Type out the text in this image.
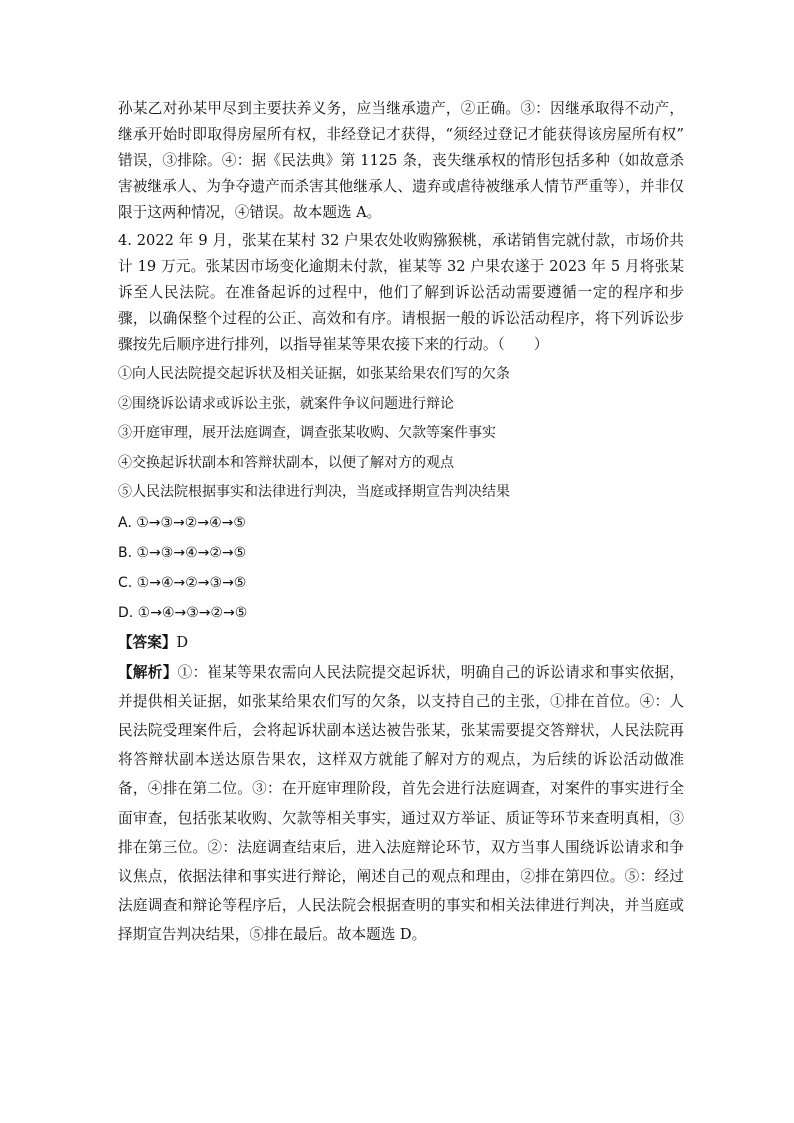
孙某乙对孙某甲尽到主要扶养义务，应当继承遗产，②正确。③：因继承取得不动产，继承开始时即取得房屋所有权，非经登记才获得，“须经过登记才能获得该房屋所有权” 错误，③排除。④：据《民法典》第 1125 条，丧失继承权的情形包括多种（如故意杀害被继承人、为争夺遗产而杀害其他继承人、遗弃或虐待被继承人情节严重等），并非仅限于这两种情况，④错误。故本题选 A。

4. 2022 年 9 月，张某在某村 32 户果农处收购猕猴桃，承诺销售完就付款，市场价共计 19 万元。张某因市场变化逾期未付款，崔某等 32 户果农遂于 2023 年 5 月将张某诉至人民法院。在准备起诉的过程中，他们了解到诉讼活动需要遵循一定的程序和步骤，以确保整个过程的公正、高效和有序。请根据一般的诉讼活动程序，将下列诉讼步骤按先后顺序进行排列，以指导崔某等果农接下来的行动。（　　）

①向人民法院提交起诉状及相关证据，如张某给果农们写的欠条

②围绕诉讼请求或诉讼主张，就案件争议问题进行辩论

③开庭审理，展开法庭调查，调查张某收购、欠款等案件事实

④交换起诉状副本和答辩状副本，以便了解对方的观点

⑤人民法院根据事实和法律进行判决，当庭或择期宣告判决结果

A. ①→③→②→④→⑤

B. ①→③→④→②→⑤

C. ①→④→②→③→⑤

D. ①→④→③→②→⑤

【答案】D

【解析】①：崔某等果农需向人民法院提交起诉状，明确自己的诉讼请求和事实依据，并提供相关证据，如张某给果农们写的欠条，以支持自己的主张，①排在首位。④：人民法院受理案件后，会将起诉状副本送达被告张某，张某需要提交答辩状，人民法院再将答辩状副本送达原告果农，这样双方就能了解对方的观点，为后续的诉讼活动做准备，④排在第二位。③：在开庭审理阶段，首先会进行法庭调查，对案件的事实进行全面审查，包括张某收购、欠款等相关事实，通过双方举证、质证等环节来查明真相，③排在第三位。②：法庭调查结束后，进入法庭辩论环节，双方当事人围绕诉讼请求和争议焦点，依据法律和事实进行辩论，阐述自己的观点和理由，②排在第四位。⑤：经过法庭调查和辩论等程序后，人民法院会根据查明的事实和相关法律进行判决，并当庭或择期宣告判决结果，⑤排在最后。故本题选 D。
